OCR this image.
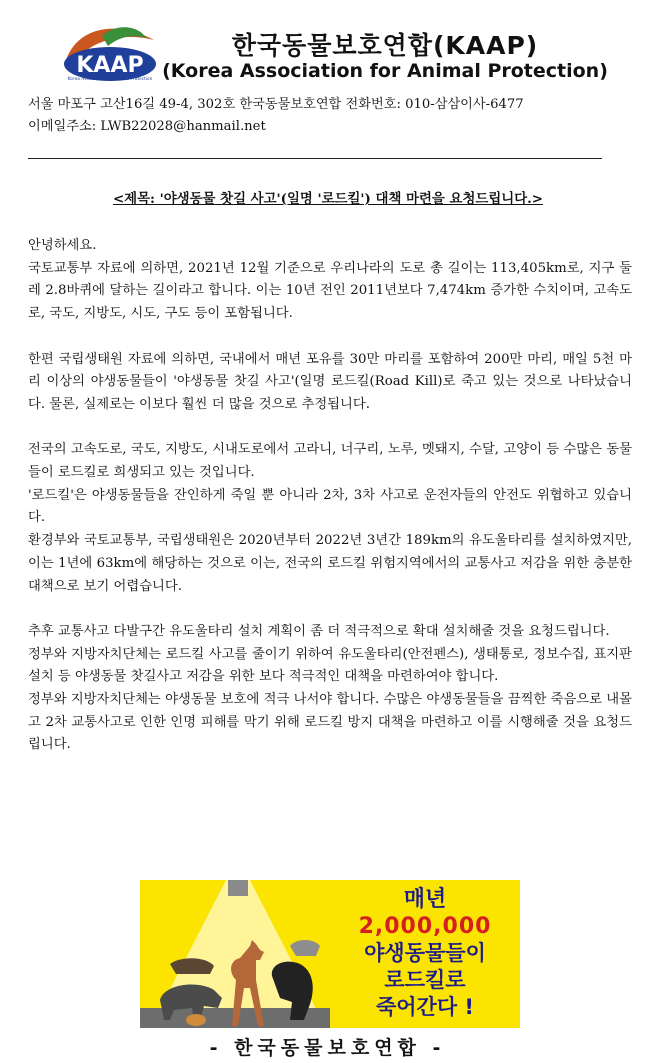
KAAP
Korea Association for Animal Protection
한국동물보호연합(KAAP)
(Korea Association for Animal Protection)
서울 마포구 고산16길 49-4, 302호 한국동물보호연합 전화번호: 010-삼삼이사-6477
이메일주소: LWB22028@hanmail.net
<제목: '야생동물 찻길 사고'(일명 '로드킬') 대책 마련을 요청드립니다.>

안녕하세요.

국토교통부 자료에 의하면, 2021년 12월 기준으로 우리나라의 도로 총 길이는 113,405km로, 지구 둘레 2.8바퀴에 달하는 길이라고 합니다. 이는 10년 전인 2011년보다 7,474km 증가한 수치이며, 고속도로, 국도, 지방도, 시도, 구도 등이 포함됩니다.

한편 국립생태원 자료에 의하면, 국내에서 매년 포유를 30만 마리를 포함하여 200만 마리, 매일 5천 마리 이상의 야생동물들이 '야생동물 찻길 사고'(일명 로드킬(Road Kill)로 죽고 있는 것으로 나타났습니다. 물론, 실제로는 이보다 훨씬 더 많을 것으로 추정됩니다.

전국의 고속도로, 국도, 지방도, 시내도로에서 고라니, 너구리, 노루, 멧돼지, 수달, 고양이 등 수많은 동물들이 로드킬로 희생되고 있는 것입니다.

'로드킬'은 야생동물들을 잔인하게 죽일 뿐 아니라 2차, 3차 사고로 운전자들의 안전도 위협하고 있습니다.

환경부와 국토교통부, 국립생태원은 2020년부터 2022년 3년간 189km의 유도울타리를 설치하였지만, 이는 1년에 63km에 해당하는 것으로 이는, 전국의 로드킬 위험지역에서의 교통사고 저감을 위한 충분한 대책으로 보기 어렵습니다.

추후 교통사고 다발구간 유도울타리 설치 계획이 좀 더 적극적으로 확대 설치해줄 것을 요청드립니다.

정부와 지방자치단체는 로드킬 사고를 줄이기 위하여 유도울타리(안전펜스), 생태통로, 정보수집, 표지판 설치 등 야생동물 찻길사고 저감을 위한 보다 적극적인 대책을 마련하여야 합니다.

정부와 지방자치단체는 야생동물 보호에 적극 나서야 합니다. 수많은 야생동물들을 끔찍한 죽음으로 내몰고 2차 교통사고로 인한 인명 피해를 막기 위해 로드킬 방지 대책을 마련하고 이를 시행해줄 것을 요청드립니다.

매년
2,000,000
야생동물들이
로드킬로
죽어간다 !
- 한국동물보호연합 -
